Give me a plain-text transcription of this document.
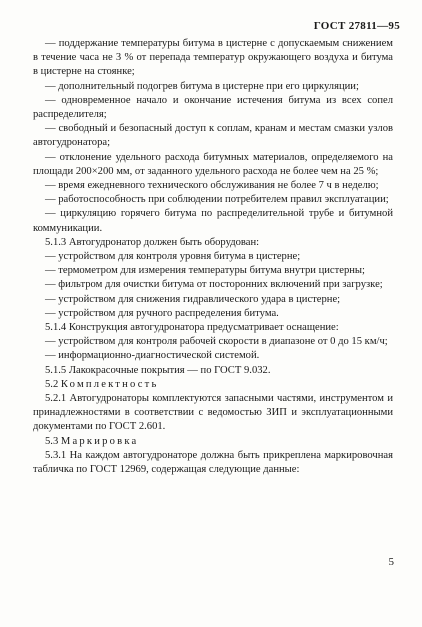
ГОСТ 27811—95

— поддержание температуры битума в цистерне с допускаемым снижением в течение часа не 3 % от перепада температур окружающего воздуха и битума в цистерне на стоянке;

— дополнительный подогрев битума в цистерне при его циркуляции;

— одновременное начало и окончание истечения битума из всех сопел распределителя;

— свободный и безопасный доступ к соплам, кранам и местам смазки узлов автогудронатора;

— отклонение удельного расхода битумных материалов, определяемого на площади 200×200 мм, от заданного удельного расхода не более чем на 25 %;

— время ежедневного технического обслуживания не более 7 ч в неделю;

— работоспособность при соблюдении потребителем правил эксплуатации;

— циркуляцию горячего битума по распределительной трубе и битумной коммуникации.

5.1.3 Автогудронатор должен быть оборудован:

— устройством для контроля уровня битума в цистерне;

— термометром для измерения температуры битума внутри цистерны;

— фильтром для очистки битума от посторонних включений при загрузке;

— устройством для снижения гидравлического удара в цистерне;

— устройством для ручного распределения битума.

5.1.4 Конструкция автогудронатора предусматривает оснащение:

— устройством для контроля рабочей скорости в диапазоне от 0 до 15 км/ч;

— информационно-диагностической системой.

5.1.5 Лакокрасочные покрытия — по ГОСТ 9.032.

5.2 Комплектность

5.2.1 Автогудронаторы комплектуются запасными частями, инструментом и принадлежностями в соответствии с ведомостью ЗИП и эксплуатационными документами по ГОСТ 2.601.

5.3 Маркировка

5.3.1 На каждом автогудронаторе должна быть прикреплена маркировочная табличка по ГОСТ 12969, содержащая следующие данные:

5
